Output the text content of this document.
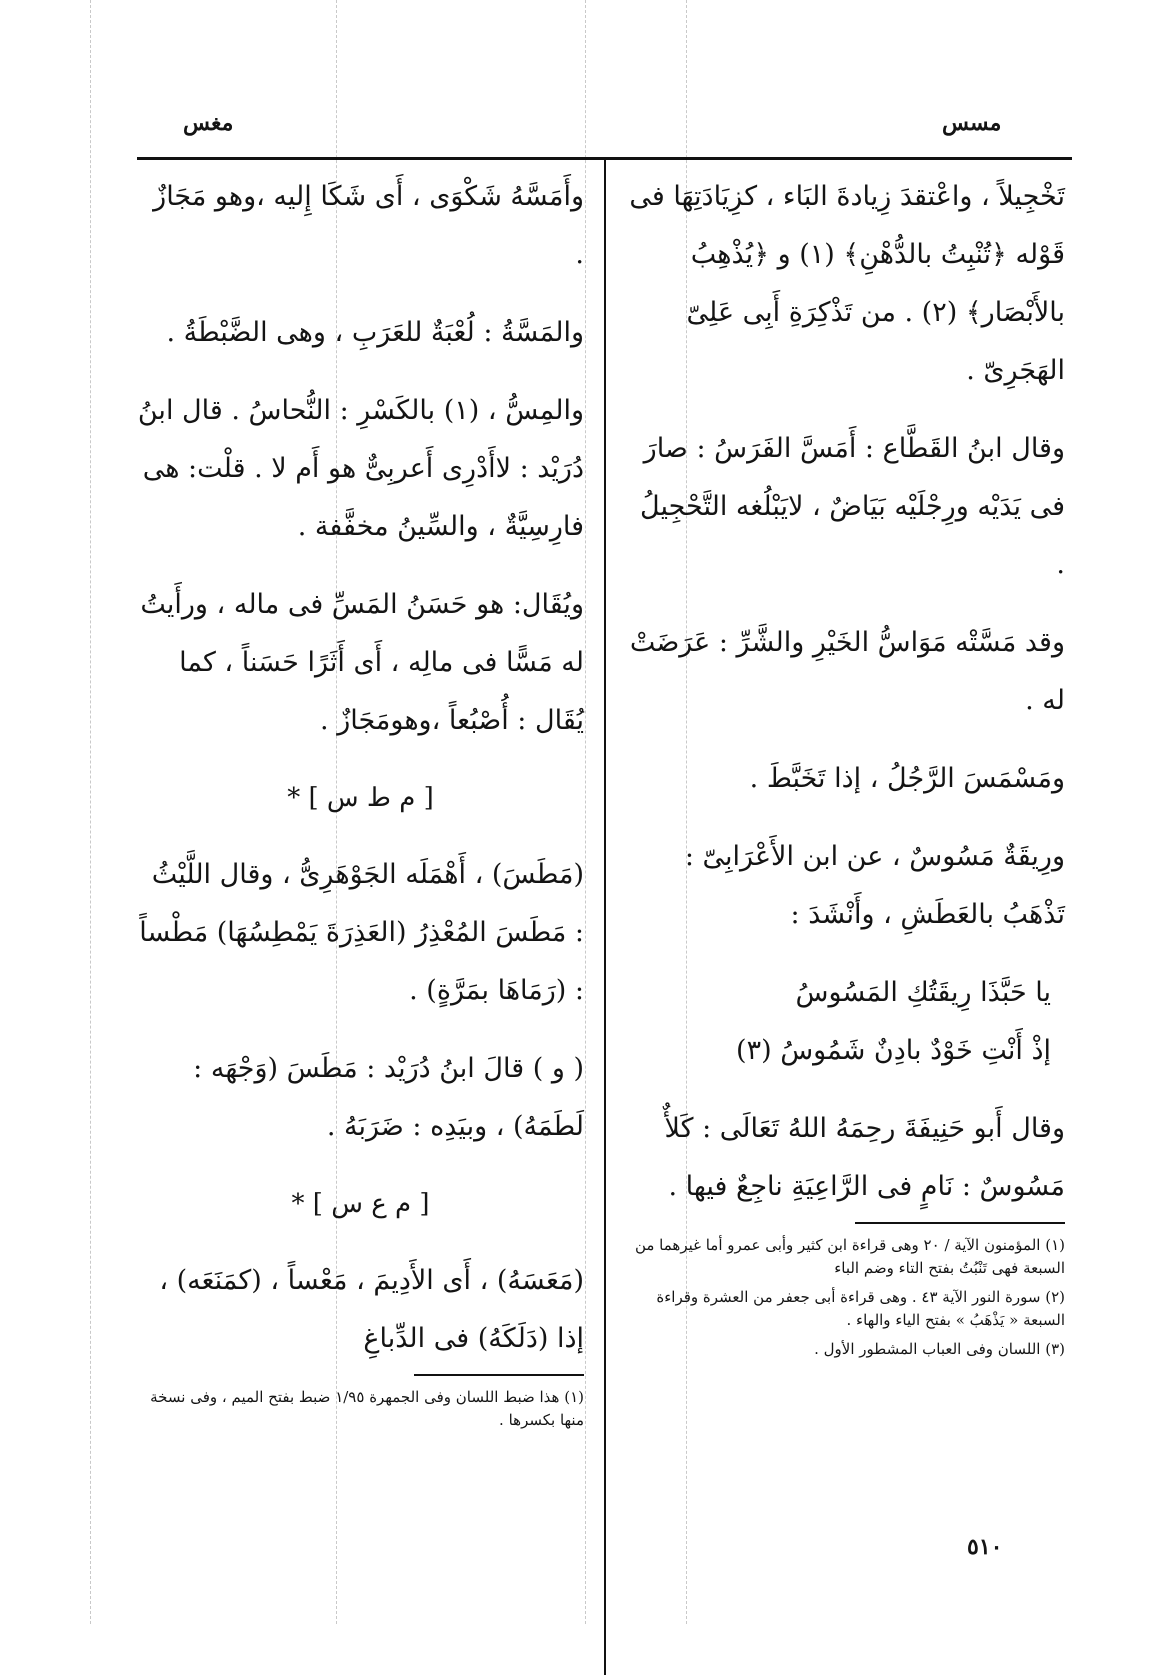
مسس
مغس

تَخْجِيلاً ، واعْتقدَ زِيادةَ البَاء ، كزِيَادَتِهَا فى قَوْله ﴿تُنْبِتُ بالدُّهْنِ﴾ (١) و ﴿يُذْهِبُ بالأَبْصَار﴾ (٢) . من تَذْكِرَةِ أَبِى عَلِىّ الهَجَرِىّ .

وقال ابنُ القَطَّاع : أَمَسَّ الفَرَسُ : صارَ فى يَدَيْه ورِجْلَيْه بَيَاضٌ ، لايَبْلُغه التَّحْجِيلُ .

وقد مَسَّتْه مَوَاسُّ الخَيْرِ والشَّرِّ : عَرَضَتْ له .

ومَسْمَسَ الرَّجُلُ ، إذا تَخَبَّطَ .

ورِيقَةٌ مَسُوسٌ ، عن ابن الأَعْرَابِىّ : تَذْهَبُ بالعَطَشِ ، وأَنْشَدَ :

يا حَبَّذَا رِيقَتُكِ المَسُوسُ
إذْ أَنْتِ خَوْدٌ بادِنٌ شَمُوسُ (٣)

وقال أَبو حَنِيفَةَ رحِمَهُ اللهُ تَعَالَى : كَلأٌ مَسُوسٌ : نَامٍ فى الرَّاعِيَةِ ناجِعٌ فيها .

(١) المؤمنون الآية / ٢٠ وهى قراءة ابن كثير وأبى عمرو أما غيرهما من السبعة فهى تَنْبُتُ بفتح التاء وضم الباء

(٢) سورة النور الآية ٤٣ . وهى قراءة أبى جعفر من العشرة وقراءة السبعة « يَذْهَبُ » بفتح الياء والهاء .

(٣) اللسان وفى العباب المشطور الأول .

وأَمَسَّهُ شَكْوَى ، أَى شَكَا إِليه ،وهو مَجَازٌ .

والمَسَّةُ : لُعْبَةٌ للعَرَبِ ، وهى الضَّبْطَةُ .

والمِسُّ ، (١) بالكَسْرِ : النُّحاسُ . قال ابنُ دُرَيْد : لاأَدْرِى أَعربِىٌّ هو أَم لا . قلْت: هى فارِسِيَّةٌ ، والسِّينُ مخفَّفة .

ويُقَال: هو حَسَنُ المَسِّ فى ماله ، ورأَيتُ له مَسًّا فى مالِه ، أَى أَثَرًا حَسَناً ، كما يُقَال : أُصْبُعاً ،وهومَجَازٌ .

[ م ط س ] *

(مَطَسَ) ، أَهْمَلَه الجَوْهَرِىُّ ، وقال اللَّيْثُ : مَطَسَ المُعْذِرُ (العَذِرَةَ يَمْطِسُهَا) مَطْساً : (رَمَاهَا بمَرَّةٍ) .

( و ) قالَ ابنُ دُرَيْد : مَطَسَ (وَجْهَه : لَطَمَهُ) ، وبيَدِه : ضَرَبَهُ .

[ م ع س ] *

(مَعَسَهُ) ، أَى الأَدِيمَ ، مَعْساً ، (كمَنَعَه) ، إذا (دَلَكَهُ) فى الدِّباغِ

(١) هذا ضبط اللسان وفى الجمهرة ١/٩٥ ضبط بفتح الميم ، وفى نسخة منها بكسرها .

٥١٠
